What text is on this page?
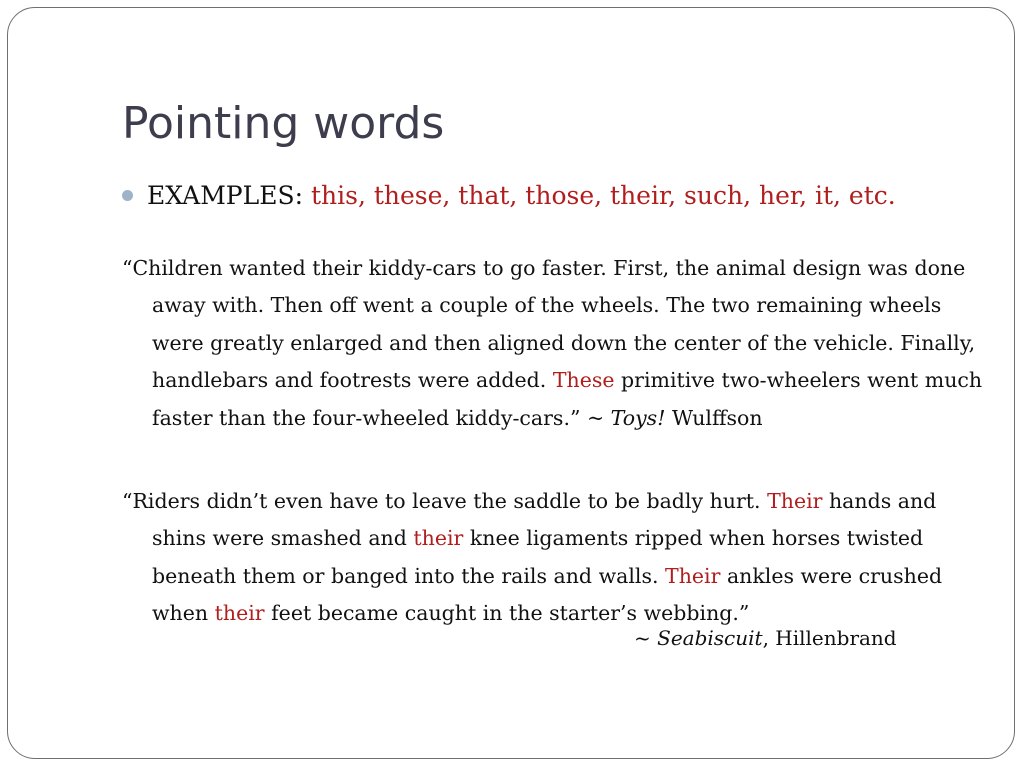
Pointing words
EXAMPLES: this, these, that, those, their, such, her, it, etc.

“Children wanted their kiddy-cars to go faster. First, the animal design was done away with. Then off went a couple of the wheels. The two remaining wheels were greatly enlarged and then aligned down the center of the vehicle. Finally, handlebars and footrests were added. These primitive two-wheelers went much faster than the four-wheeled kiddy-cars.” ~ Toys! Wulffson

“Riders didn’t even have to leave the saddle to be badly hurt. Their hands and shins were smashed and their knee ligaments ripped when horses twisted beneath them or banged into the rails and walls. Their ankles were crushed when their feet became caught in the starter’s webbing.”

~ Seabiscuit, Hillenbrand
